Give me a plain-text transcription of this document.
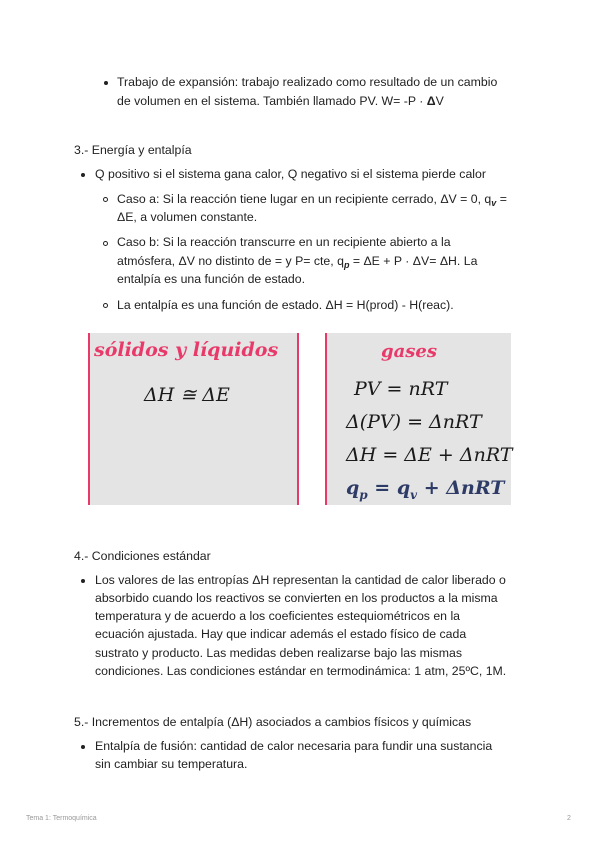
Trabajo de expansión: trabajo realizado como resultado de un cambio
de volumen en el sistema. También llamado PV. W= -P · ΔV
3.- Energía y entalpía
Q positivo si el sistema gana calor, Q negativo si el sistema pierde calor
Caso a: Si la reacción tiene lugar en un recipiente cerrado, ΔV = 0, $q_v$ =
ΔE, a volumen constante.
Caso b: Si la reacción transcurre en un recipiente abierto a la
atmósfera, ΔV no distinto de = y P= cte, $q_p = \Delta E + P \cdot \Delta V= \Delta H$. La
entalpía es una función de estado.
La entalpía es una función de estado. ΔH = H(prod) - H(reac).
sólidos y líquidos
ΔH ≅ ΔE
gases
PV = nRT
Δ(PV) = ΔnRT
ΔH = ΔE + ΔnRT
$q_p = q_v + \Delta nRT$
4.- Condiciones estándar
Los valores de las entropías ΔH representan la cantidad de calor liberado o
absorbido cuando los reactivos se convierten en los productos a la misma
temperatura y de acuerdo a los coeficientes estequiométricos en la
ecuación ajustada. Hay que indicar además el estado físico de cada
sustrato y producto. Las medidas deben realizarse bajo las mismas
condiciones. Las condiciones estándar en termodinámica: 1 atm, 25ºC, 1M.
5.- Incrementos de entalpía (ΔH) asociados a cambios físicos y químicas
Entalpía de fusión: cantidad de calor necesaria para fundir una sustancia
sin cambiar su temperatura.
Tema 1: Termoquímica	2
